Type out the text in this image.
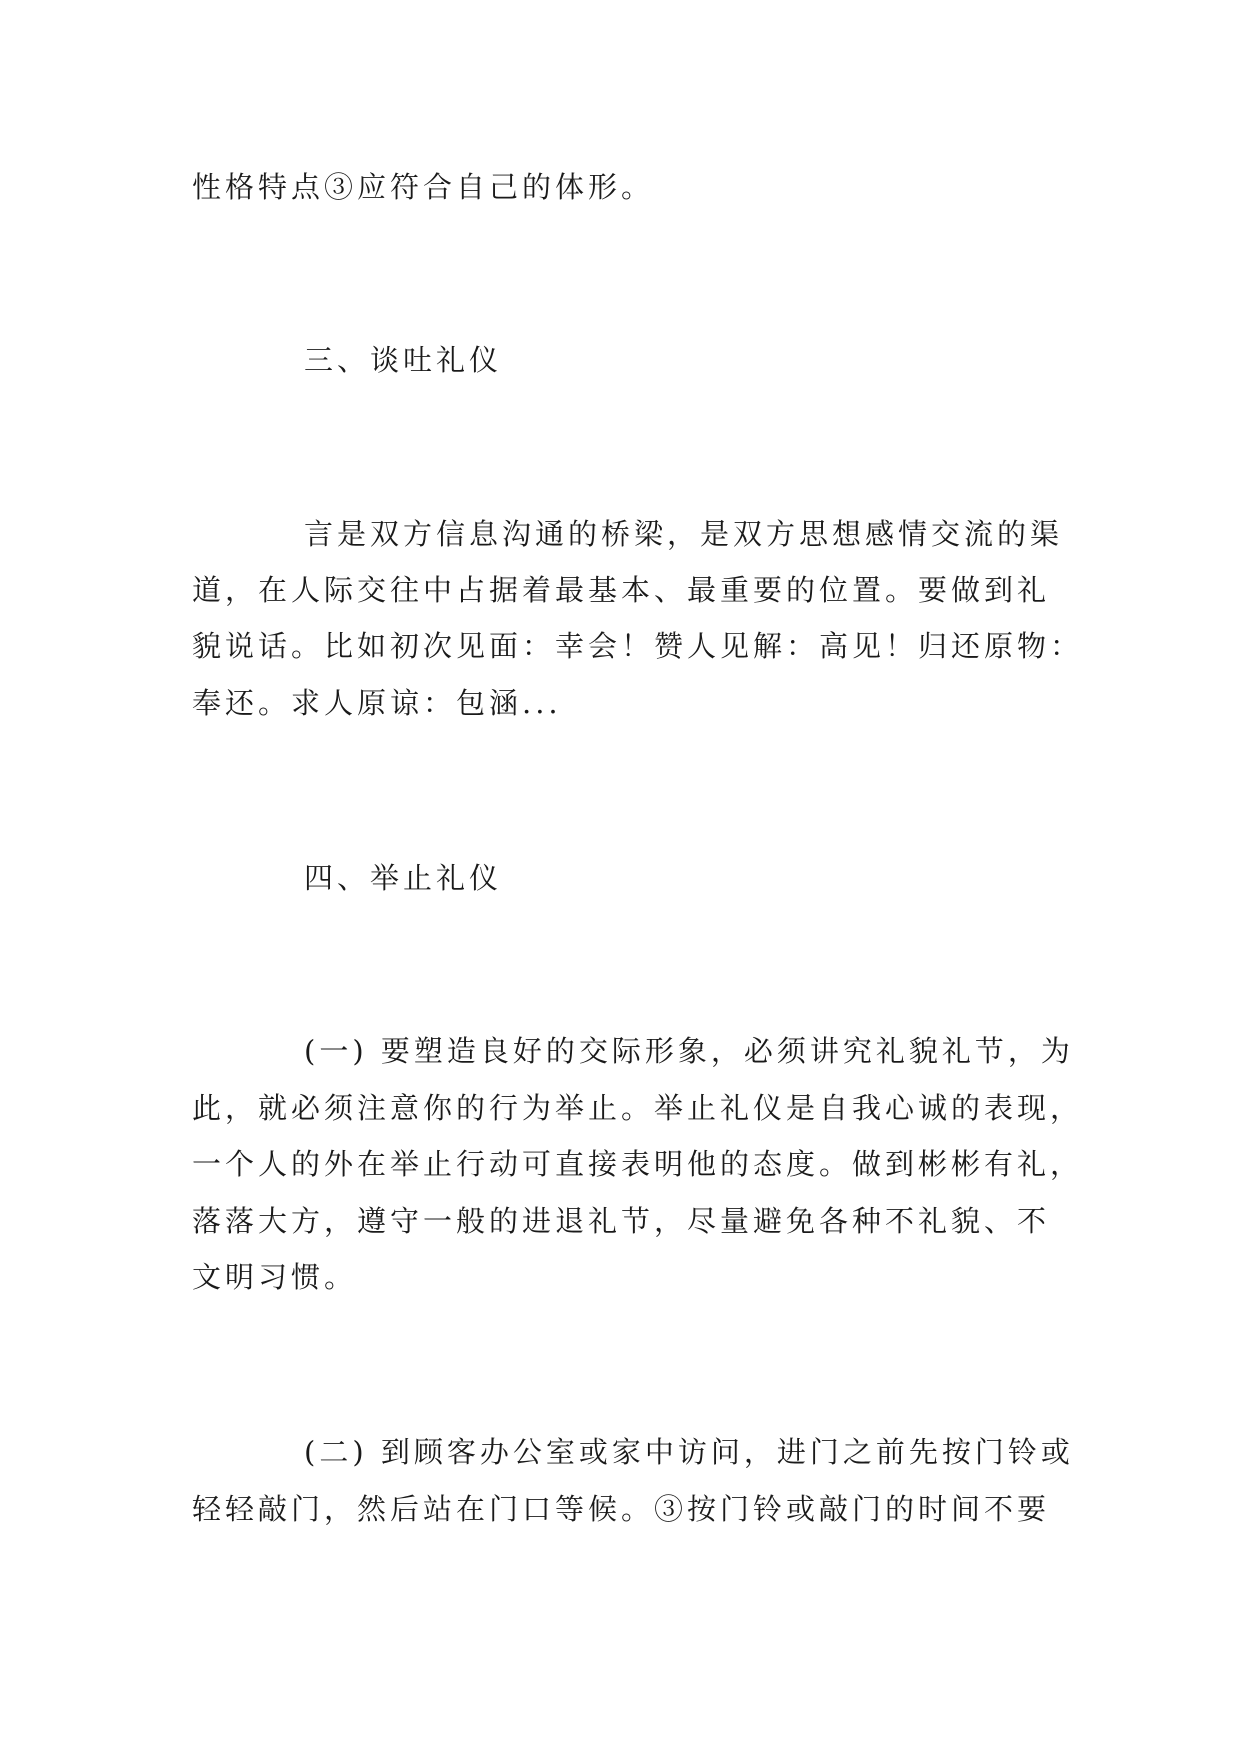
性格特点③应符合自己的体形。
三、谈吐礼仪
言是双方信息沟通的桥梁，是双方思想感情交流的渠
道，在人际交往中占据着最基本、最重要的位置。要做到礼
貌说话。比如初次见面：幸会！赞人见解：高见！归还原物：
奉还。求人原谅：包涵...
四、举止礼仪
(一) 要塑造良好的交际形象，必须讲究礼貌礼节，为
此，就必须注意你的行为举止。举止礼仪是自我心诚的表现，
一个人的外在举止行动可直接表明他的态度。做到彬彬有礼，
落落大方，遵守一般的进退礼节，尽量避免各种不礼貌、不
文明习惯。
(二) 到顾客办公室或家中访问，进门之前先按门铃或
轻轻敲门，然后站在门口等候。③按门铃或敲门的时间不要
